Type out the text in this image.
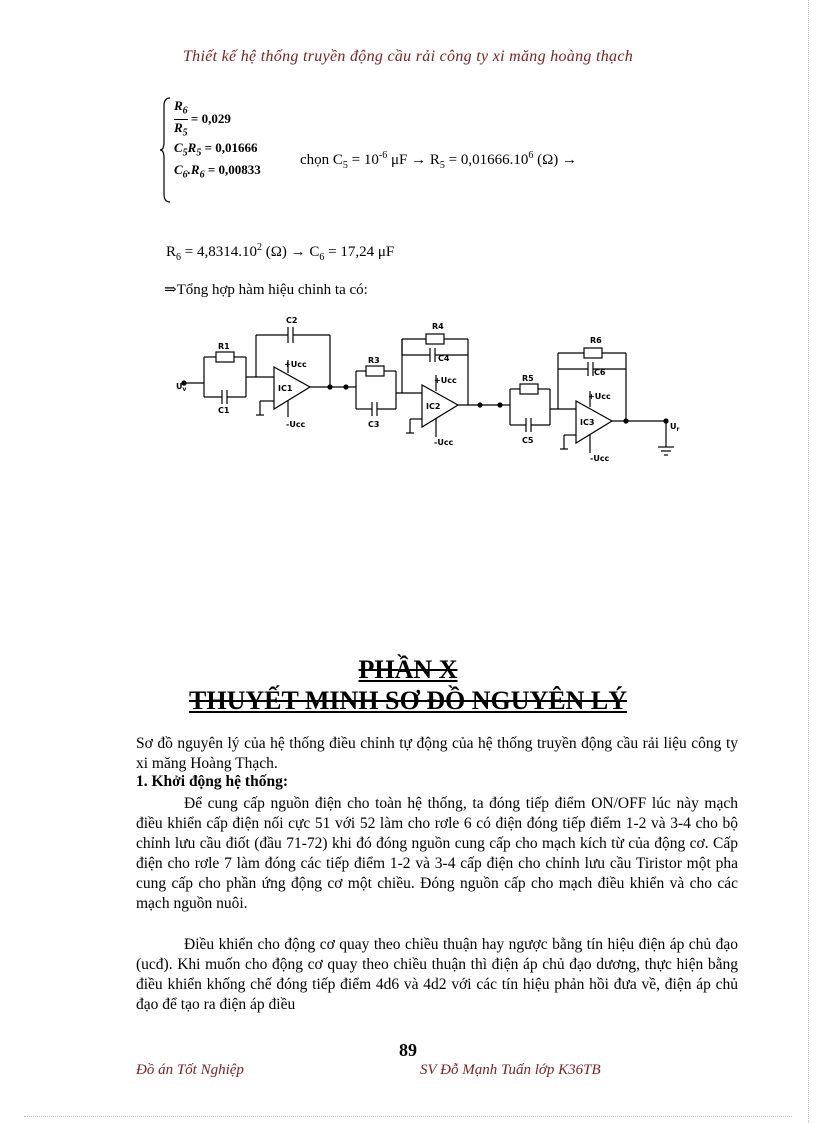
Thiết kế hệ thống truyền động cầu rải công ty xi măng hoàng thạch
$\frac{R_6}{R_5} = 0,029$
$C_5R_5 = 0,01666$
$C_6.R_6 = 0,00833$
chọn $C_5 = 10^{-6}$ $\mu F \to R_5 = 0,01666.10^6$ (Ω) →
$R_6 = 4,8314.10^2$ $(\Omega) \to C_6 = 17,24$ μF
⇒Tổng hợp hàm hiệu chỉnh ta có:
$U_v$
R1
C1
C2
IC1
+Ucc
-Ucc
R3
C3
R4
C4
IC2
+Ucc
-Ucc
R5
C5
R6
C6
IC3
+Ucc
-Ucc
$U_r$
PHẦN X
THUYẾT MINH SƠ ĐỒ NGUYÊN LÝ
Sơ đồ nguyên lý của hệ thống điều chỉnh tự động của hệ thống truyền động cầu rải liệu công ty xi măng Hoàng Thạch.
1. Khởi động hệ thống:
Để cung cấp nguồn điện cho toàn hệ thống, ta đóng tiếp điểm ON/OFF lúc này mạch điều khiển cấp điện nối cực 51 với 52 làm cho rơle 6 có điện đóng tiếp điểm 1-2 và 3-4 cho bộ chỉnh lưu cầu điốt (đầu 71-72) khi đó đóng nguồn cung cấp cho mạch kích từ của động cơ. Cấp điện cho rơle 7 làm đóng các tiếp điểm 1-2 và 3-4 cấp điện cho chỉnh lưu cầu Tiristor một pha cung cấp cho phần ứng động cơ một chiều. Đóng nguồn cấp cho mạch điều khiển và cho các mạch nguồn nuôi.
Điều khiển cho động cơ quay theo chiều thuận hay ngược bằng tín hiệu điện áp chủ đạo (ucđ). Khi muốn cho động cơ quay theo chiều thuận thì điện áp chủ đạo dương, thực hiện bằng điều khiển khống chế đóng tiếp điểm 4d6 và 4d2 với các tín hiệu phản hồi đưa về, điện áp chủ đạo để tạo ra điện áp điều
89
Đồ án Tốt Nghiệp	SV Đỗ Mạnh Tuấn lớp K36TB
